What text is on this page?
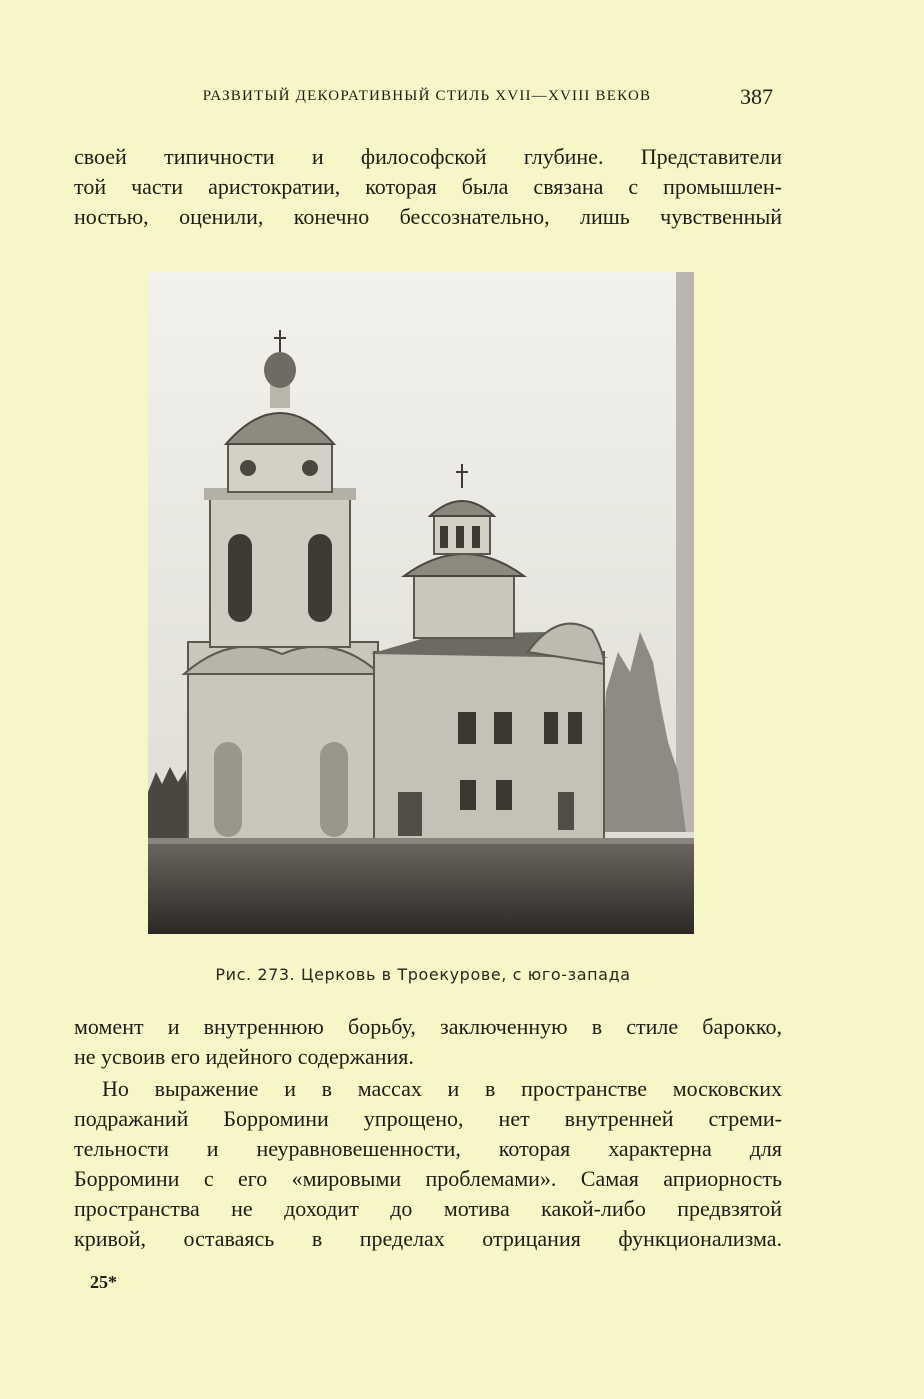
РАЗВИТЫЙ ДЕКОРАТИВНЫЙ СТИЛЬ XVII—XVIII ВЕКОВ	387
своей типичности и философской глубине. Представители
той части аристократии, которая была связана с промышлен-
ностью, оценили, конечно бессознательно, лишь чувственный
Рис. 273. Церковь в Троекурове, с юго-запада
момент и внутреннюю борьбу, заключенную в стиле барокко,
не усвоив его идейного содержания.
Но выражение и в массах и в пространстве московских
подражаний Борромини упрощено, нет внутренней стреми-
тельности и неуравновешенности, которая характерна для
Борромини с его «мировыми проблемами». Самая априорность
пространства не доходит до мотива какой-либо предвзятой
кривой, оставаясь в пределах отрицания функционализма.
25*
